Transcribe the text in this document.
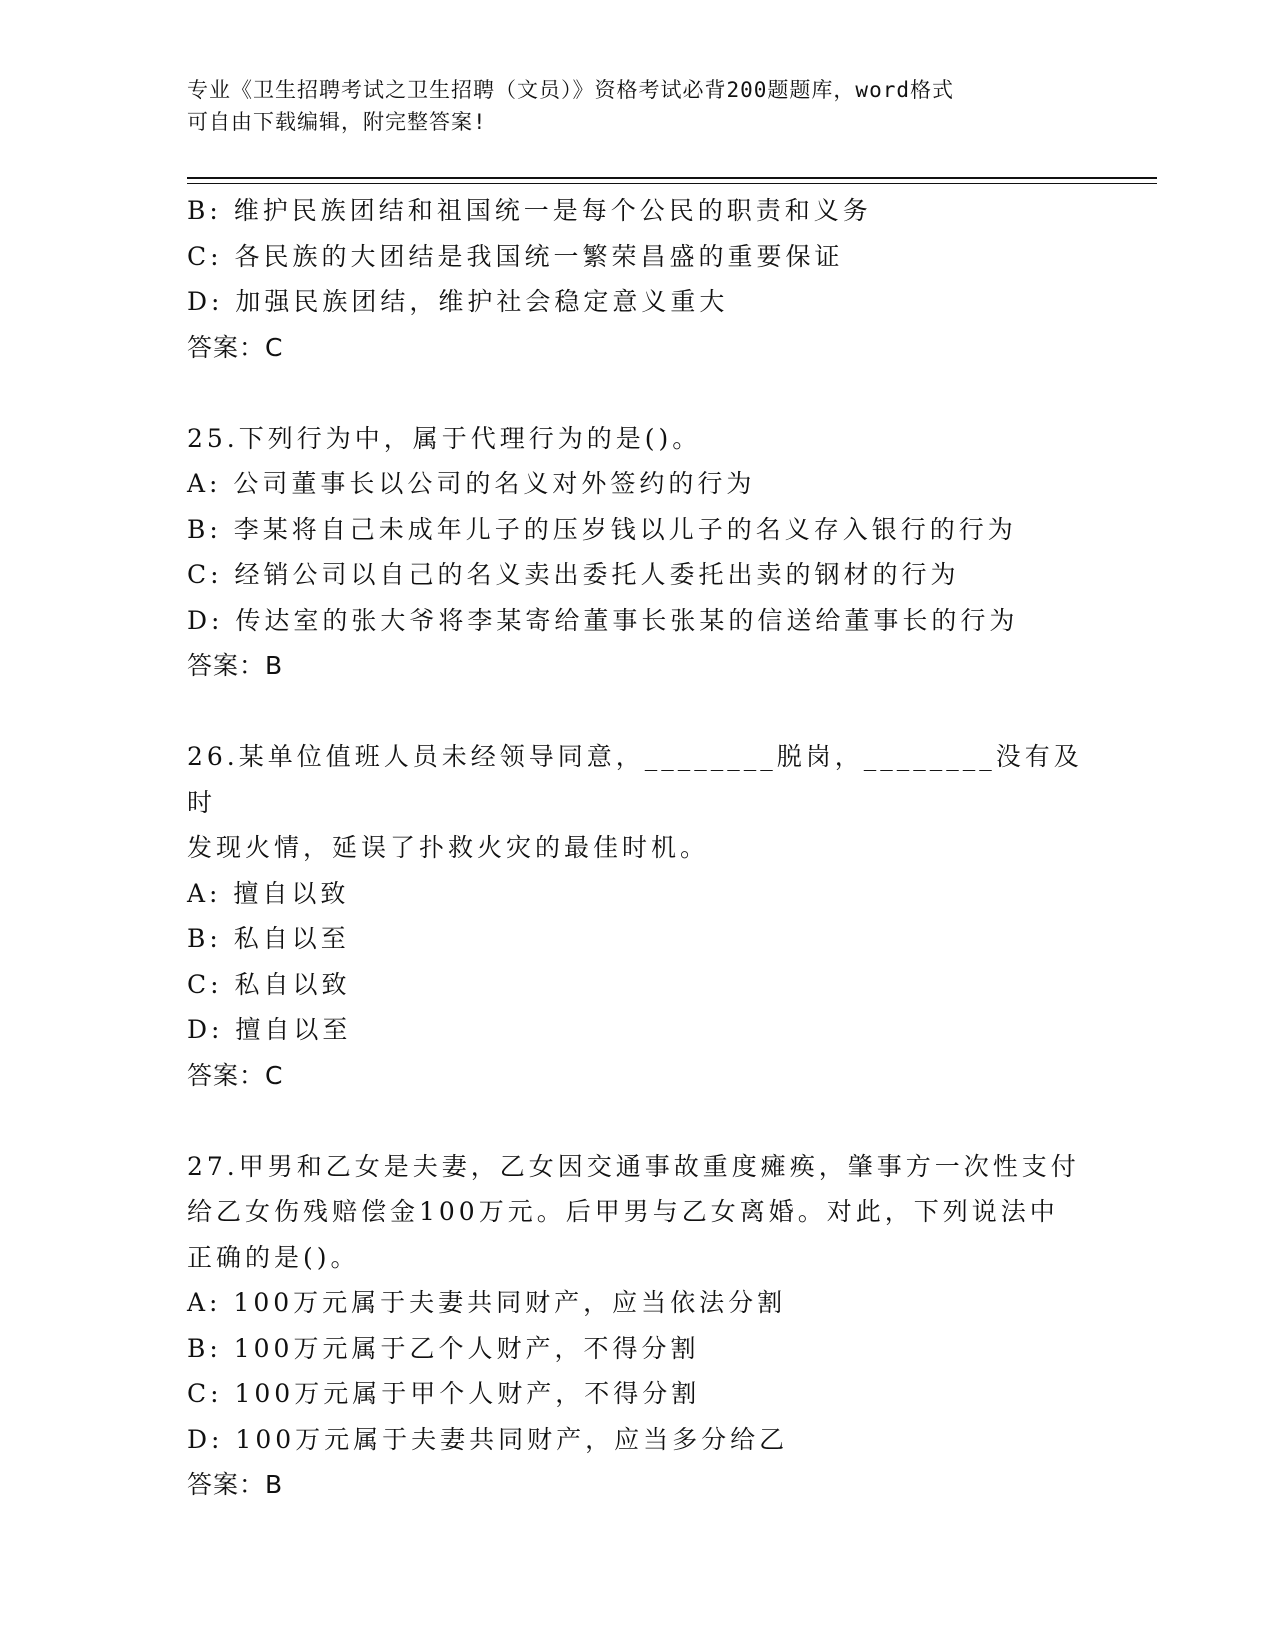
专业《卫生招聘考试之卫生招聘（文员）》资格考试必背200题题库，word格式
可自由下载编辑，附完整答案!
B: 维护民族团结和祖国统一是每个公民的职责和义务
C: 各民族的大团结是我国统一繁荣昌盛的重要保证
D: 加强民族团结，维护社会稳定意义重大
答案：C
25.下列行为中，属于代理行为的是()。
A: 公司董事长以公司的名义对外签约的行为
B: 李某将自己未成年儿子的压岁钱以儿子的名义存入银行的行为
C: 经销公司以自己的名义卖出委托人委托出卖的钢材的行为
D: 传达室的张大爷将李某寄给董事长张某的信送给董事长的行为
答案：B
26.某单位值班人员未经领导同意，________脱岗，________没有及时
发现火情，延误了扑救火灾的最佳时机。
A: 擅自以致
B: 私自以至
C: 私自以致
D: 擅自以至
答案：C
27.甲男和乙女是夫妻，乙女因交通事故重度瘫痪，肇事方一次性支付
给乙女伤残赔偿金100万元。后甲男与乙女离婚。对此，下列说法中
正确的是()。
A: 100万元属于夫妻共同财产，应当依法分割
B: 100万元属于乙个人财产，不得分割
C: 100万元属于甲个人财产，不得分割
D: 100万元属于夫妻共同财产，应当多分给乙
答案：B
